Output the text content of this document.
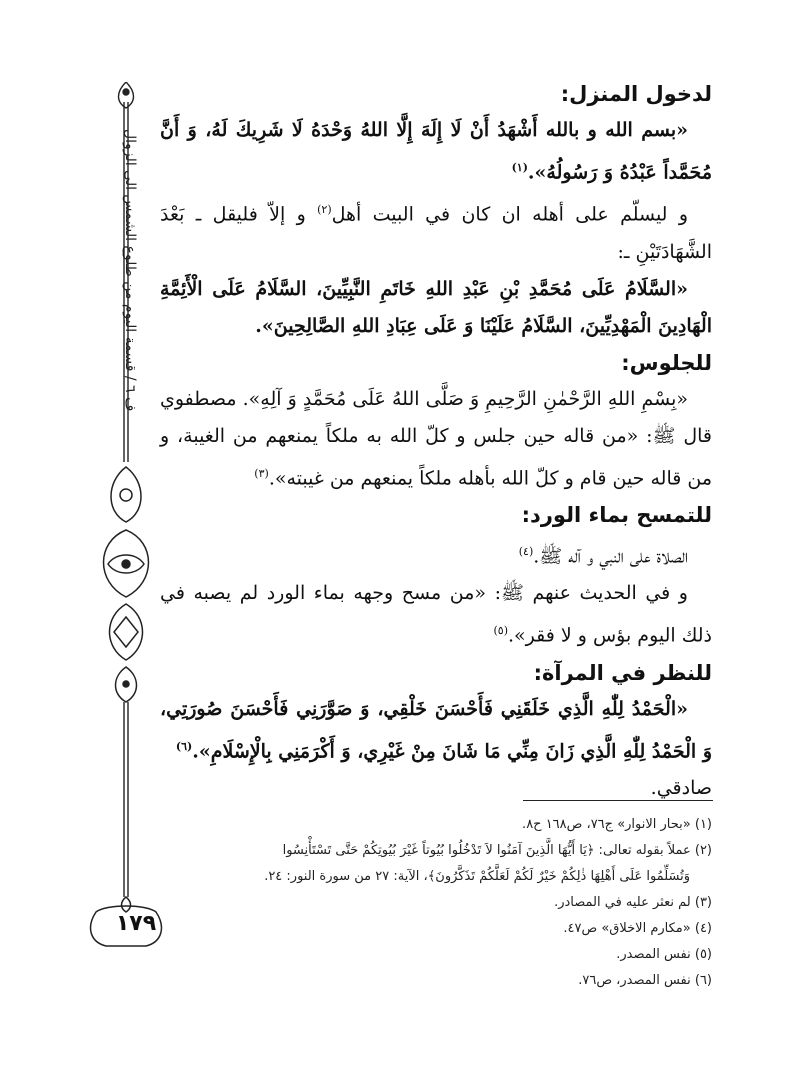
ف ٦ / قسمة اليوم من طلوع الشمس الى الزوال
١٧٩

لدخول المنزل:

«بسم الله و بالله أَشْهَدُ أَنْ لَا إِلَهَ إِلَّا اللهُ وَحْدَهُ لَا شَرِيكَ لَهُ، وَ أَنَّ مُحَمَّداً عَبْدُهُ وَ رَسُولُهُ».$^{(١)}$

و ليسلّم على أهله ان كان في البيت أهل$^{(٢)}$ و إلاّ فليقل ـ بَعْدَ الشَّهَادَتَيْنِ ـ:

«السَّلَامُ عَلَى مُحَمَّدِ بْنِ عَبْدِ اللهِ خَاتَمِ النَّبِيِّينَ، السَّلَامُ عَلَى الْأَئِمَّةِ الْهَادِينَ الْمَهْدِيِّينَ، السَّلَامُ عَلَيْنَا وَ عَلَى عِبَادِ اللهِ الصَّالِحِينَ».

للجلوس:

«بِسْمِ اللهِ الرَّحْمٰنِ الرَّحِيمِ وَ صَلَّى اللهُ عَلَى مُحَمَّدٍ وَ آلِهِ». مصطفوي قال ﷺ: «من قاله حين جلس و كلّ الله به ملكاً يمنعهم من الغيبة، و من قاله حين قام و كلّ الله بأهله ملكاً يمنعهم من غيبته».$^{(٣)}$

للتمسح بماء الورد:

الصلاة على النبي و آله ﷺ.$^{(٤)}$

و في الحديث عنهم ﷺ: «من مسح وجهه بماء الورد لم يصبه في ذلك اليوم بؤس و لا فقر».$^{(٥)}$

للنظر في المرآة:

«الْحَمْدُ لِلّٰهِ الَّذِي خَلَقَنِي فَأَحْسَنَ خَلْقِي، وَ صَوَّرَنِي فَأَحْسَنَ صُورَتِي، وَ الْحَمْدُ لِلّٰهِ الَّذِي زَانَ مِنِّي مَا شَانَ مِنْ غَيْرِي، وَ أَكْرَمَنِي بِالْإِسْلَامِ».$^{(٦)}$

صادقي.

(١) «بحار الانوار» ج٧٦، ص١٦٨ ح٨.

(٢) عملاً بقوله تعالى: ﴿يَا أَيُّهَا الَّذِينَ آمَنُوا لاَ تَدْخُلُوا بُيُوتاً غَيْرَ بُيُوتِكُمْ حَتَّى تَسْتَأْنِسُوا

وَتُسَلِّمُوا عَلَى أَهْلِهَا ذٰلِكُمْ خَيْرٌ لَكُمْ لَعَلَّكُمْ تَذَكَّرُونَ﴾، الآية: ٢٧ من سورة النور: ٢٤.

(٣) لم نعثر عليه في المصادر.

(٤) «مكارم الاخلاق» ص٤٧.

(٥) نفس المصدر.

(٦) نفس المصدر، ص٧٦.
